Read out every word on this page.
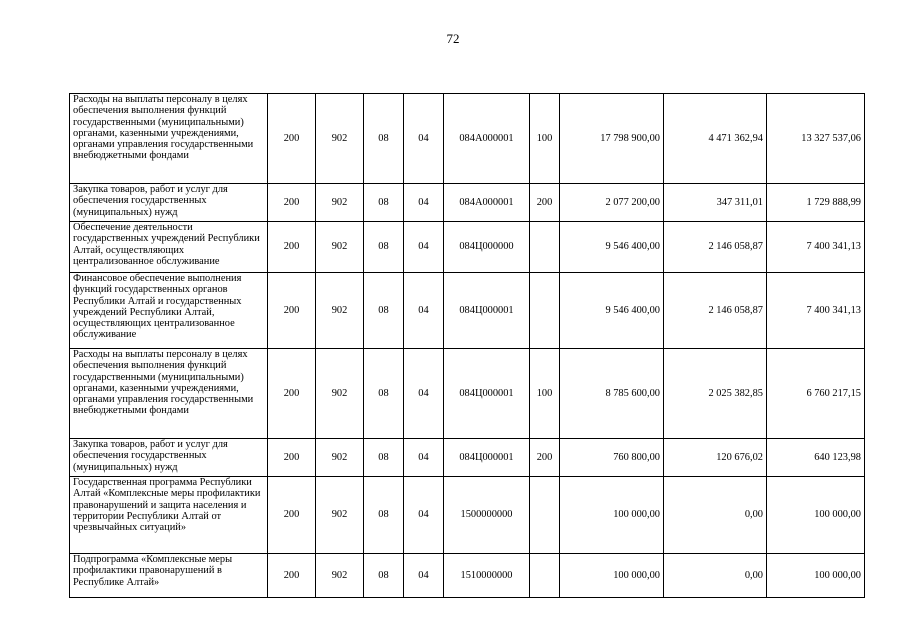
72
Расходы на выплаты персоналу в целях обеспечения выполнения функций государственными (муниципальными) органами, казенными учреждениями, органами управления государственными внебюджетными фондами	200	902	08	04	084А000001	100	17 798 900,00	4 471 362,94	13 327 537,06
Закупка товаров, работ и услуг для обеспечения государственных (муниципальных) нужд	200	902	08	04	084А000001	200	2 077 200,00	347 311,01	1 729 888,99
Обеспечение деятельности государственных учреждений Республики Алтай, осуществляющих централизованное обслуживание	200	902	08	04	084Ц000000		9 546 400,00	2 146 058,87	7 400 341,13
Финансовое обеспечение выполнения функций государственных органов Республики Алтай и государственных учреждений Республики Алтай, осуществляющих централизованное обслуживание	200	902	08	04	084Ц000001		9 546 400,00	2 146 058,87	7 400 341,13
Расходы на выплаты персоналу в целях обеспечения выполнения функций государственными (муниципальными) органами, казенными учреждениями, органами управления государственными внебюджетными фондами	200	902	08	04	084Ц000001	100	8 785 600,00	2 025 382,85	6 760 217,15
Закупка товаров, работ и услуг для обеспечения государственных (муниципальных) нужд	200	902	08	04	084Ц000001	200	760 800,00	120 676,02	640 123,98
Государственная программа Республики Алтай «Комплексные меры профилактики правонарушений и защита населения и территории Республики Алтай от чрезвычайных ситуаций»	200	902	08	04	1500000000		100 000,00	0,00	100 000,00
Подпрограмма «Комплексные меры профилактики правонарушений в Республике Алтай»	200	902	08	04	1510000000		100 000,00	0,00	100 000,00
